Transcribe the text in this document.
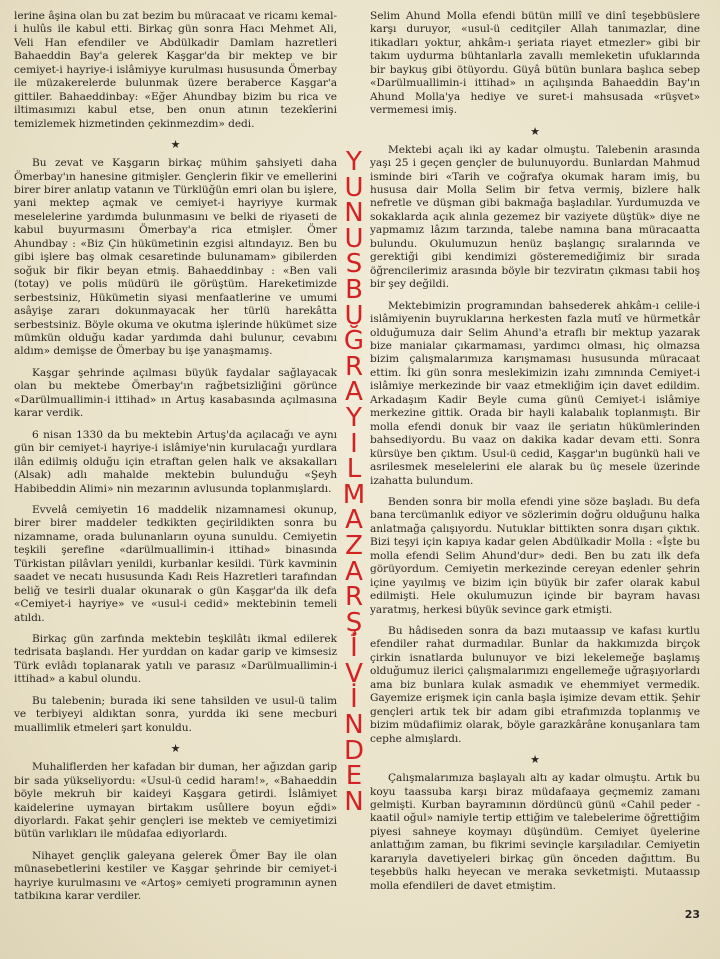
lerine âşina olan bu zat bezim bu müracaat ve ricamı kemal-i hulûs ile kabul etti. Birkaç gün sonra Hacı Mehmet Ali, Veli Han efendiler ve Abdülkadir Damlam hazretleri Bahaeddin Bay'a gelerek Kaşgar'da bir mektep ve bir cemiyet-i hayriye-i islâmiyye kurulması hususunda Ömerbay ile müzakerelerde bulunmak üzere beraberce Kaşgar'a gittiler. Bahaeddinbay: «Eğer Ahundbay bizim bu rica ve iltimasımızı kabul etse, ben onun atının tezekîerini temizlemek hizmetinden çekinmezdim» dedi.

★

Bu zevat ve Kaşgarın birkaç mühim şahsiyeti daha Ömerbay'ın hanesine gitmişler. Gençlerin fikir ve emellerini birer birer anlatıp vatanın ve Türklüğün emri olan bu işlere, yani mektep açmak ve cemiyet-i hayriyye kurmak meselelerine yardımda bulunmasını ve belki de riyaseti de kabul buyurmasını Ömerbay'a rica etmişler. Ömer Ahundbay : «Biz Çin hükümetinin ezgisi altındayız. Ben bu gibi işlere baş olmak cesaretinde bulunamam» gibilerden soğuk bir fikir beyan etmiş. Bahaeddinbay : «Ben vali (totay) ve polis müdürü ile görüştüm. Hareketimizde serbestsiniz, Hükümetin siyasi menfaatlerine ve umumi asâyişe zararı dokunmayacak her türlü harekâtta serbestsiniz. Böyle okuma ve okutma işlerinde hükümet size mümkün olduğu kadar yardımda dahi bulunur, cevabını aldım» demişse de Ömerbay bu işe yanaşmamış.

Kaşgar şehrinde açılması büyük faydalar sağlayacak olan bu mektebe Ömerbay'ın rağbetsizliğini görünce «Darülmuallimin-i ittihad» ın Artuş kasabasında açılmasına karar verdik.

6 nisan 1330 da bu mektebin Artuş'da açılacağı ve aynı gün bir cemiyet-i hayriye-i islâmiye'nin kurulacağı yurdlara ilân edilmiş olduğu için etraftan gelen halk ve aksakalları (Alsak) adlı mahalde mektebin bulunduğu «Şeyh Habibeddin Alimi» nin mezarının avlusunda toplanmışlardı.

Evvelâ cemiyetin 16 maddelik nizamnamesi okunup, birer birer maddeler tedkikten geçirildikten sonra bu nizamname, orada bulunanların oyuna sunuldu. Cemiyetin teşkili şerefine «darülmuallimin-i ittihad» binasında Türkistan pilâvları yenildi, kurbanlar kesildi. Türk kavminin saadet ve necatı hususunda Kadı Reis Hazretleri tarafından beliğ ve tesirli dualar okunarak o gün Kaşgar'da ilk defa «Cemiyet-i hayriye» ve «usul-i cedid» mektebinin temeli atıldı.

Birkaç gün zarfında mektebin teşkilâtı ikmal edilerek tedrisata başlandı. Her yurddan on kadar garip ve kimsesiz Türk evlâdı toplanarak yatılı ve parasız «Darülmuallimin-i ittihad» a kabul olundu.

Bu talebenin; burada iki sene tahsilden ve usul-ü talim ve terbiyeyi aldıktan sonra, yurdda iki sene mecburi muallimlik etmeleri şart konuldu.

★

Muhaliflerden her kafadan bir duman, her ağızdan garip bir sada yükseliyordu: «Usul-ü cedid haram!», «Bahaeddin böyle mekruh bir kaideyi Kaşgara getirdi. İslâmiyet kaidelerine uymayan birtakım usûllere boyun eğdi» diyorlardı. Fakat şehir gençleri ise mekteb ve cemiyetimizi bütün varlıkları ile müdafaa ediyorlardı.

Nihayet gençlik galeyana gelerek Ömer Bay ile olan münasebetlerini kestiler ve Kaşgar şehrinde bir cemiyet-i hayriye kurulmasını ve «Artoş» cemiyeti programının aynen tatbikına karar verdiler.

Selim Ahund Molla efendi bütün millî ve dinî teşebbüslere karşı duruyor, «usul-ü ceditçiler Allah tanımazlar, dine itikadları yoktur, ahkâm-ı şeriata riayet etmezler» gibi bir takım uydurma bühtanlarla zavallı memleketin ufuklarında bir baykuş gibi ötüyordu. Güyâ bütün bunlara başlıca sebep «Darülmuallimin-i ittihad» ın açılışında Bahaeddin Bay'ın Ahund Molla'ya hediye ve suret-i mahsusada «rüşvet» vermemesi imiş.

★

Mektebi açalı iki ay kadar olmuştu. Talebenin arasında yaşı 25 i geçen gençler de bulunuyordu. Bunlardan Mahmud isminde biri «Tarih ve coğrafya okumak haram imiş, bu hususa dair Molla Selim bir fetva vermiş, bizlere halk nefretle ve düşman gibi bakmağa başladılar. Yurdumuzda ve sokaklarda açık alınla gezemez bir vaziyete düştük» diye ne yapmamız lâzım tarzında, talebe namına bana müracaatta bulundu. Okulumuzun henüz başlangıç sıralarında ve gerektiği gibi kendimizi gösteremediğimiz bir sırada öğrencilerimiz arasında böyle bir tezviratın çıkması tabii hoş bir şey değildi.

Mektebimizin programından bahsederek ahkâm-ı celile-i islâmiyenin buyruklarına herkesten fazla mutî ve hürmetkâr olduğumuza dair Selim Ahund'a etraflı bir mektup yazarak bize manialar çıkarmaması, yardımcı olması, hiç olmazsa bizim çalışmalarımıza karışmaması hususunda müracaat ettim. İki gün sonra meslekimizin izahı zımnında Cemiyet-i islâmiye merkezinde bir vaaz etmekliğim için davet edildim. Arkadaşım Kadir Beyle cuma günü Cemiyet-i islâmiye merkezine gittik. Orada bir hayli kalabalık toplanmıştı. Bir molla efendi donuk bir vaaz ile şeriatın hükümlerinden bahsediyordu. Bu vaaz on dakika kadar devam etti. Sonra kürsüye ben çıktım. Usul-ü cedid, Kaşgar'ın bugünkü hali ve asrilesmek meselelerini ele alarak bu üç mesele üzerinde izahatta bulundum.

Benden sonra bir molla efendi yine söze başladı. Bu defa bana tercümanlık ediyor ve sözlerimin doğru olduğunu halka anlatmağa çalışıyordu. Nutuklar bittikten sonra dışarı çıktık. Bizi teşyi için kapıya kadar gelen Abdülkadir Molla : «İşte bu molla efendi Selim Ahund'dur» dedi. Ben bu zatı ilk defa görüyordum. Cemiyetin merkezinde cereyan edenler şehrin içine yayılmış ve bizim için büyük bir zafer olarak kabul edilmişti. Hele okulumuzun içinde bir bayram havası yaratmış, herkesi büyük sevince gark etmişti.

Bu hâdiseden sonra da bazı mutaassıp ve kafası kurtlu efendiler rahat durmadılar. Bunlar da hakkımızda birçok çirkin isnatlarda bulunuyor ve bizi lekelemeğe başlamış olduğumuz ilerici çalışmalarımızı engellemeğe uğraşıyorlardı ama biz bunlara kulak asmadık ve ehemmiyet vermedik. Gayemize erişmek için canla başla işimize devam ettik. Şehir gençleri artık tek bir adam gibi etrafımızda toplanmış ve bizim müdafiimiz olarak, böyle garazkârâne konuşanlara tam cephe almışlardı.

★

Çalışmalarımıza başlayalı altı ay kadar olmuştu. Artık bu koyu taassuba karşı biraz müdafaaya geçmemiz zamanı gelmişti. Kurban bayramının dördüncü günü «Cahil peder - kaatil oğul» namiyle tertip ettiğim ve talebelerime öğrettiğim piyesi sahneye koymayı düşündüm. Cemiyet üyelerine anlattığım zaman, bu fikrimi sevinçle karşıladılar. Cemiyetin kararıyla davetiyeleri birkaç gün önceden dağıttım. Bu teşebbüs halkı heyecan ve meraka sevketmişti. Mutaassıp molla efendileri de davet etmiştim.

Y
U
N
U
S
B
U
Ğ
R
A
Y
I
L
M
A
Z
A
R
Ş
İ
V
İ
N
D
E
N
23
